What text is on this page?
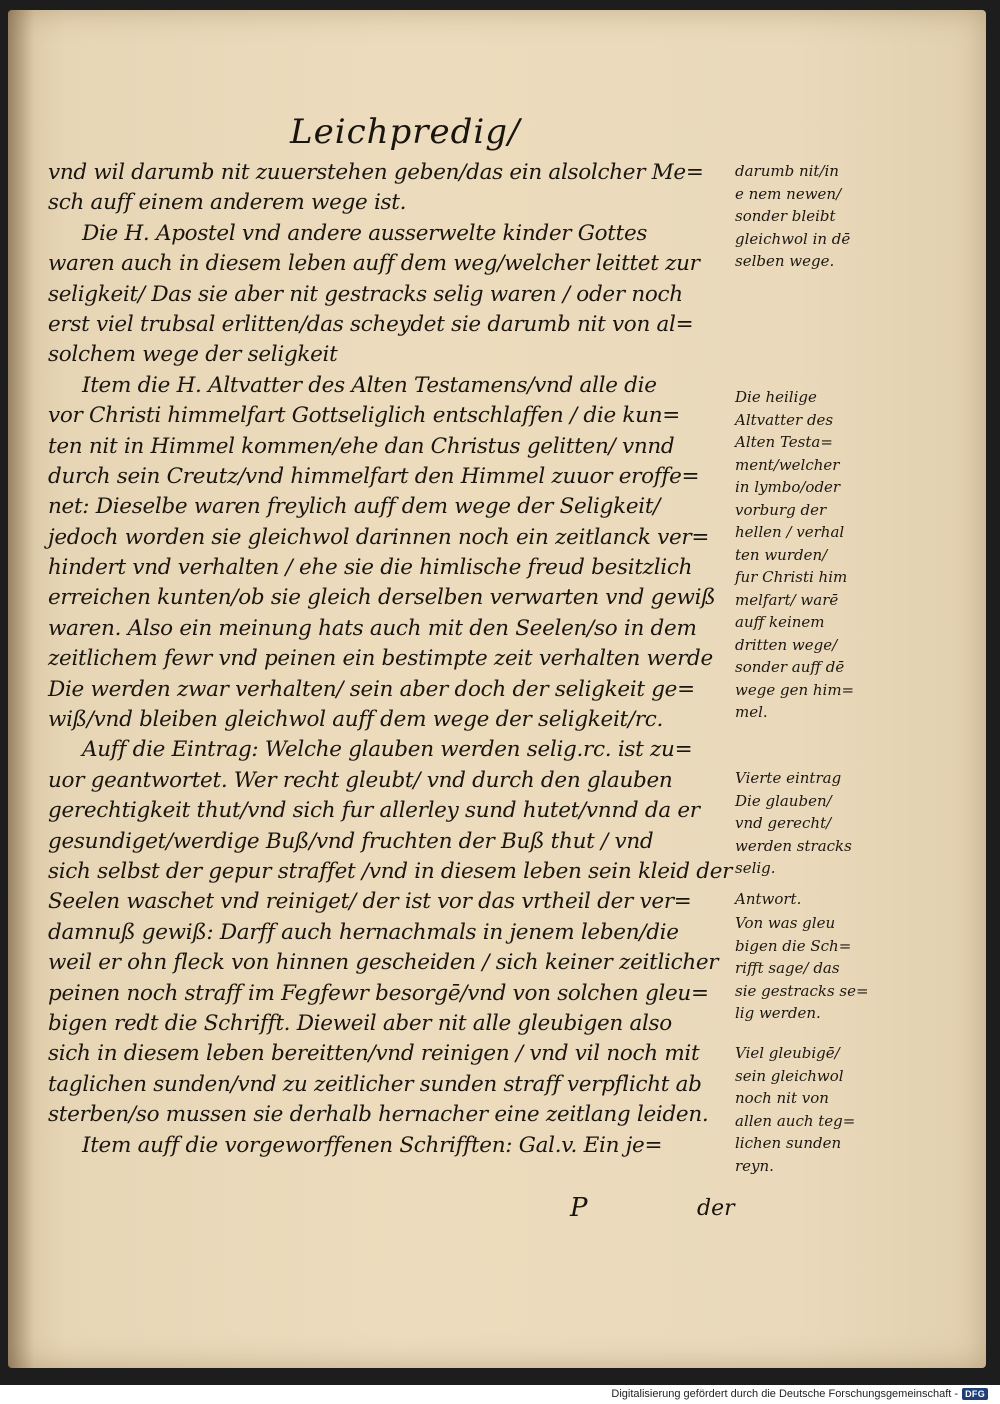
Leichpredig/
vnd wil darumb nit zuuerstehen geben/das ein alsolcher Me=
sch auff einem anderem wege ist.
Die H. Apostel vnd andere ausserwelte kinder Gottes
waren auch in diesem leben auff dem weg/welcher leittet zur
seligkeit/ Das sie aber nit gestracks selig waren / oder noch
erst viel trubsal erlitten/das scheydet sie darumb nit von al=
solchem wege der seligkeit
Item die H. Altvatter des Alten Testamens/vnd alle die
vor Christi himmelfart Gottseliglich entschlaffen / die kun=
ten nit in Himmel kommen/ehe dan Christus gelitten/ vnnd
durch sein Creutz/vnd himmelfart den Himmel zuuor eroffe=
net: Dieselbe waren freylich auff dem wege der Seligkeit/
jedoch worden sie gleichwol darinnen noch ein zeitlanck ver=
hindert vnd verhalten / ehe sie die himlische freud besitzlich
erreichen kunten/ob sie gleich derselben verwarten vnd gewiß
waren. Also ein meinung hats auch mit den Seelen/so in dem
zeitlichem fewr vnd peinen ein bestimpte zeit verhalten werde
Die werden zwar verhalten/ sein aber doch der seligkeit ge=
wiß/vnd bleiben gleichwol auff dem wege der seligkeit/rc.
Auff die Eintrag: Welche glauben werden selig.rc. ist zu=
uor geantwortet. Wer recht gleubt/ vnd durch den glauben
gerechtigkeit thut/vnd sich fur allerley sund hutet/vnnd da er
gesundiget/werdige Buß/vnd fruchten der Buß thut / vnd
sich selbst der gepur straffet /vnd in diesem leben sein kleid der
Seelen waschet vnd reiniget/ der ist vor das vrtheil der ver=
damnuß gewiß: Darff auch hernachmals in jenem leben/die
weil er ohn fleck von hinnen gescheiden / sich keiner zeitlicher
peinen noch straff im Fegfewr besorgē/vnd von solchen gleu=
bigen redt die Schrifft. Dieweil aber nit alle gleubigen also
sich in diesem leben bereitten/vnd reinigen / vnd vil noch mit
taglichen sunden/vnd zu zeitlicher sunden straff verpflicht ab
sterben/so mussen sie derhalb hernacher eine zeitlang leiden.
Item auff die vorgeworffenen Schrifften: Gal.v. Ein je=
darumb nit/in
e nem newen/
sonder bleibt
gleichwol in dē
selben wege.
Die heilige
Altvatter des
Alten Testa=
ment/welcher
in lymbo/oder
vorburg der
hellen / verhal
ten wurden/
fur Christi him
melfart/ warē
auff keinem
dritten wege/
sonder auff dē
wege gen him=
mel.
Vierte eintrag
Die glauben/
vnd gerecht/
werden stracks
selig.
Antwort.
Von was gleu
bigen die Sch=
rifft sage/ das
sie gestracks se=
lig werden.
Viel gleubigē/
sein gleichwol
noch nit von
allen auch teg=
lichen sunden
reyn.
P	der
Digitalisierung gefördert durch die Deutsche Forschungsgemeinschaft - DFG
